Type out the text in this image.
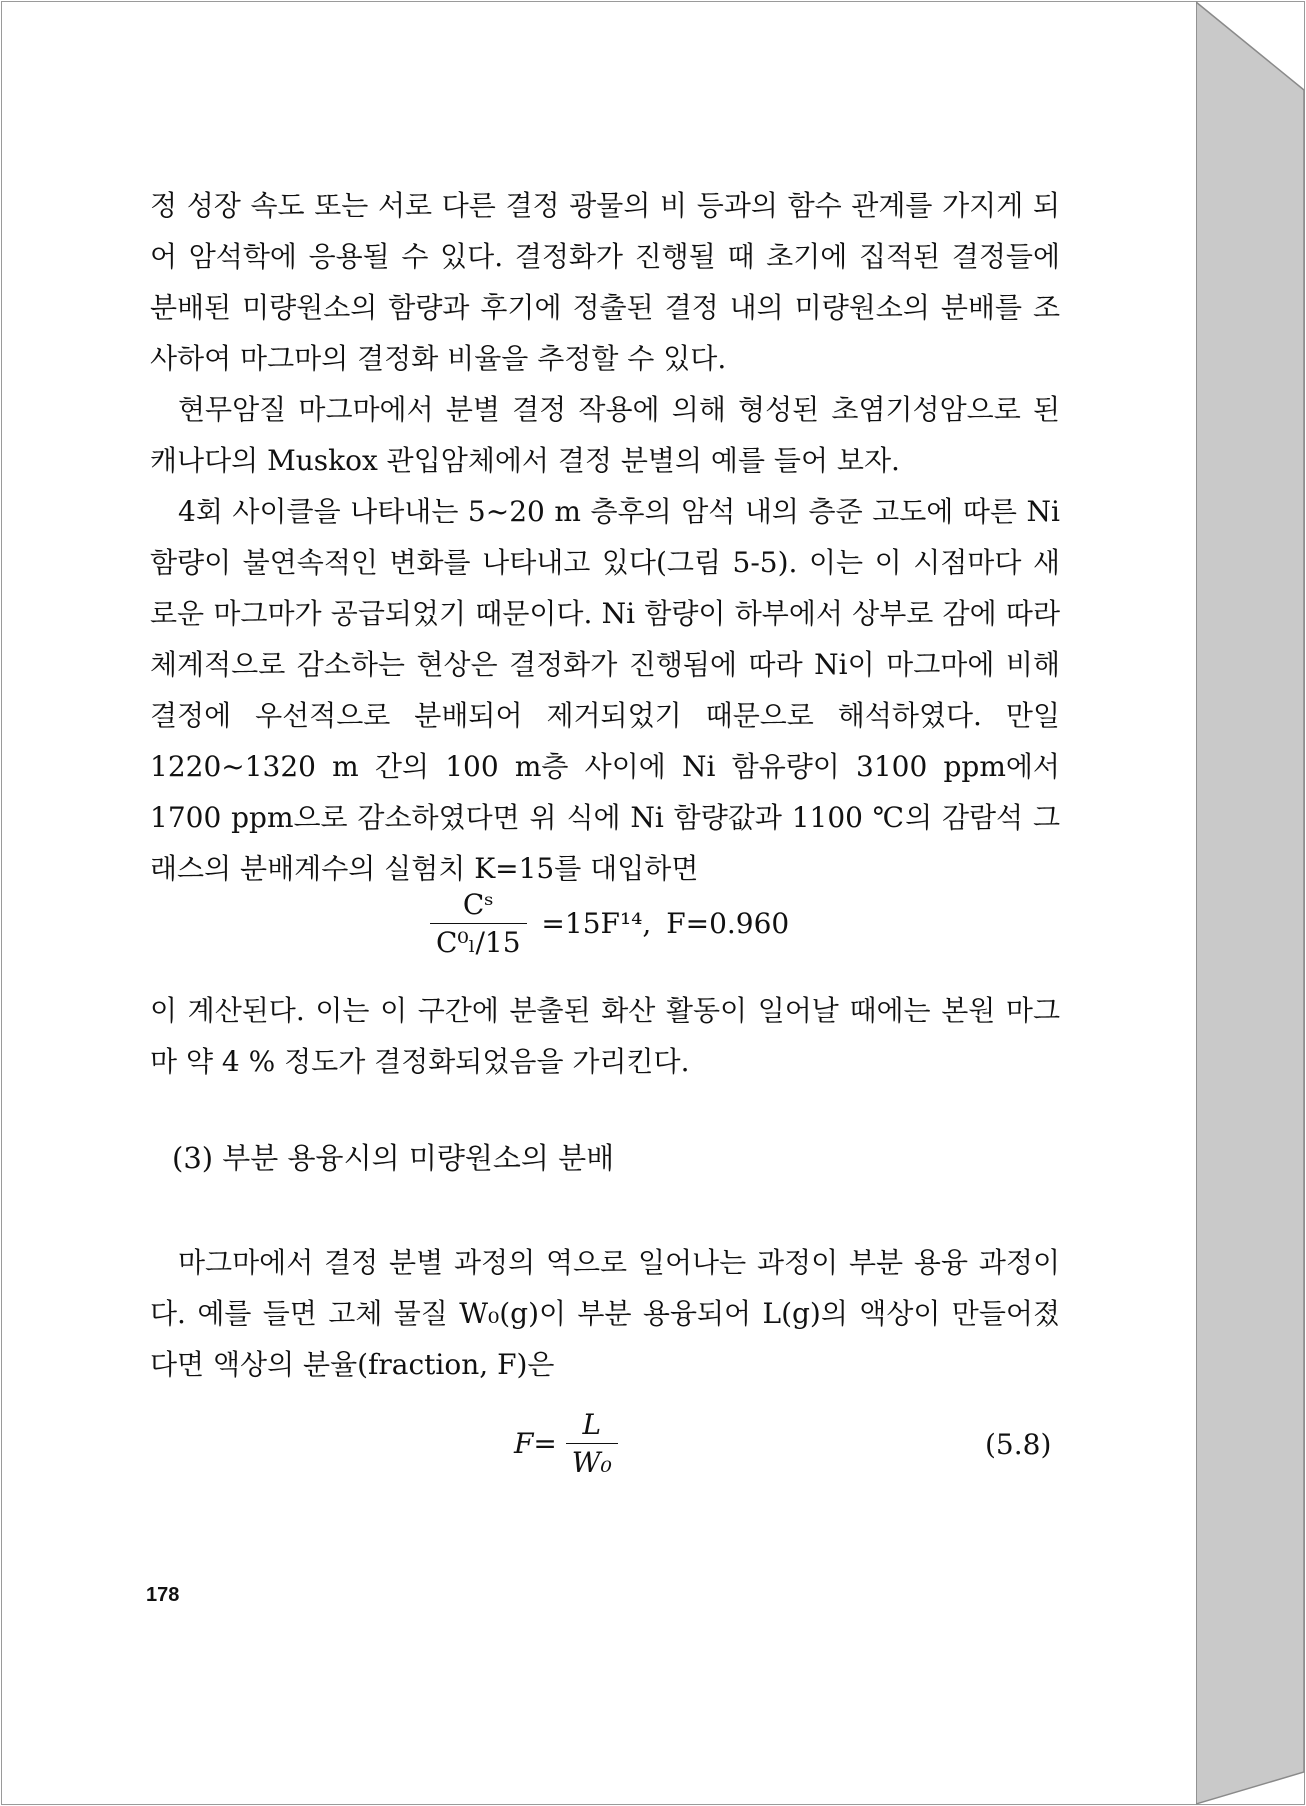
정 성장 속도 또는 서로 다른 결정 광물의 비 등과의 함수 관계를 가지게 되어 암석학에 응용될 수 있다. 결정화가 진행될 때 초기에 집적된 결정들에 분배된 미량원소의 함량과 후기에 정출된 결정 내의 미량원소의 분배를 조사하여 마그마의 결정화 비율을 추정할 수 있다.

현무암질 마그마에서 분별 결정 작용에 의해 형성된 초염기성암으로 된 캐나다의 Muskox 관입암체에서 결정 분별의 예를 들어 보자.

4회 사이클을 나타내는 5~20 m 층후의 암석 내의 층준 고도에 따른 Ni 함량이 불연속적인 변화를 나타내고 있다(그림 5-5). 이는 이 시점마다 새로운 마그마가 공급되었기 때문이다. Ni 함량이 하부에서 상부로 감에 따라 체계적으로 감소하는 현상은 결정화가 진행됨에 따라 Ni이 마그마에 비해 결정에 우선적으로 분배되어 제거되었기 때문으로 해석하였다. 만일 1220~1320 m 간의 100 m층 사이에 Ni 함유량이 3100 ppm에서 1700 ppm으로 감소하였다면 위 식에 Ni 함량값과 1100 ℃의 감람석 그래스의 분배계수의 실험치 K=15를 대입하면

$\frac{\text{Cˢ}}{\text{C⁰ₗ/15}} =15F^{14}$, F=0.960

이 계산된다. 이는 이 구간에 분출된 화산 활동이 일어날 때에는 본원 마그마 약 4 % 정도가 결정화되었음을 가리킨다.

(3) 부분 용융시의 미량원소의 분배

마그마에서 결정 분별 과정의 역으로 일어나는 과정이 부분 용융 과정이다. 예를 들면 고체 물질 W₀(g)이 부분 용융되어 L(g)의 액상이 만들어졌다면 액상의 분율(fraction, F)은

$F= \frac{L}{\text{W₀}}$	(5.8)
178
